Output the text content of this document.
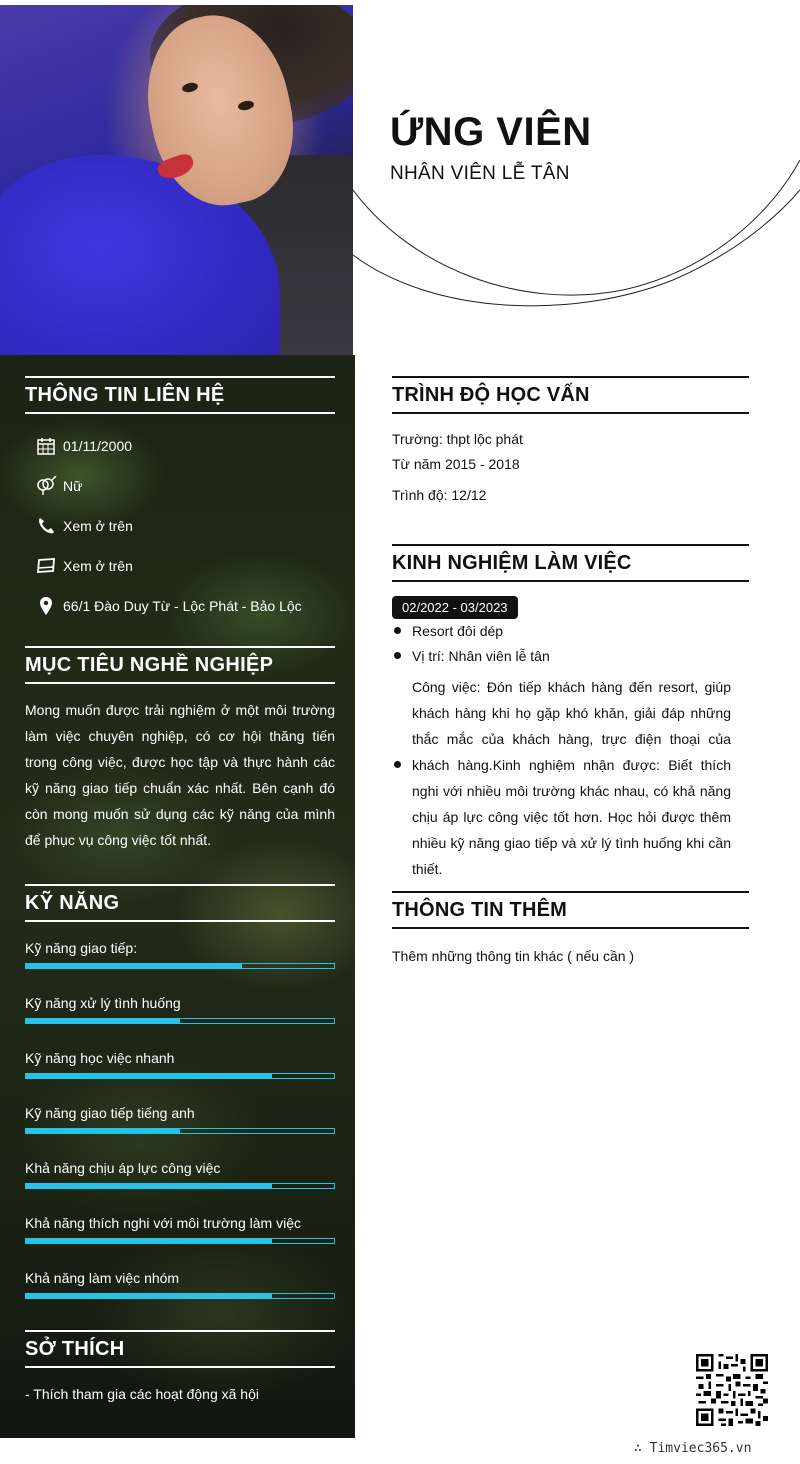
ỨNG VIÊN
NHÂN VIÊN LỄ TÂN
THÔNG TIN LIÊN HỆ
01/11/2000
Nữ
Xem ở trên
Xem ở trên
66/1 Đào Duy Từ - Lộc Phát - Bảo Lộc
MỤC TIÊU NGHỀ NGHIỆP
Mong muốn được trải nghiệm ở một môi trường làm việc chuyên nghiệp, có cơ hội thăng tiến trong công việc, được học tập và thực hành các kỹ năng giao tiếp chuẩn xác nhất. Bên cạnh đó còn mong muốn sử dụng các kỹ năng của mình để phục vụ công việc tốt nhất.
KỸ NĂNG
Kỹ năng giao tiếp:
Kỹ năng xử lý tình huống
Kỹ năng học việc nhanh
Kỹ năng giao tiếp tiếng anh
Khả năng chịu áp lực công việc
Khả năng thích nghi với môi trường làm việc
Khả năng làm việc nhóm
SỞ THÍCH
- Thích tham gia các hoạt động xã hội
TRÌNH ĐỘ HỌC VẤN
Trường: thpt lộc phát
Từ năm 2015 - 2018
Trình độ: 12/12
KINH NGHIỆM LÀM VIỆC
02/2022 - 03/2023
Resort đôi dép
Vị trí: Nhân viên lễ tân
Công việc: Đón tiếp khách hàng đến resort, giúp khách hàng khi họ gặp khó khăn, giải đáp những thắc mắc của khách hàng, trực điện thoại của khách hàng.Kinh nghiệm nhận được: Biết thích nghi với nhiều môi trường khác nhau, có khả năng chịu áp lực công việc tốt hơn. Học hỏi được thêm nhiều kỹ năng giao tiếp và xử lý tình huống khi cần thiết.
THÔNG TIN THÊM
Thêm những thông tin khác ( nếu cần )
∴ Timviec365.vn
